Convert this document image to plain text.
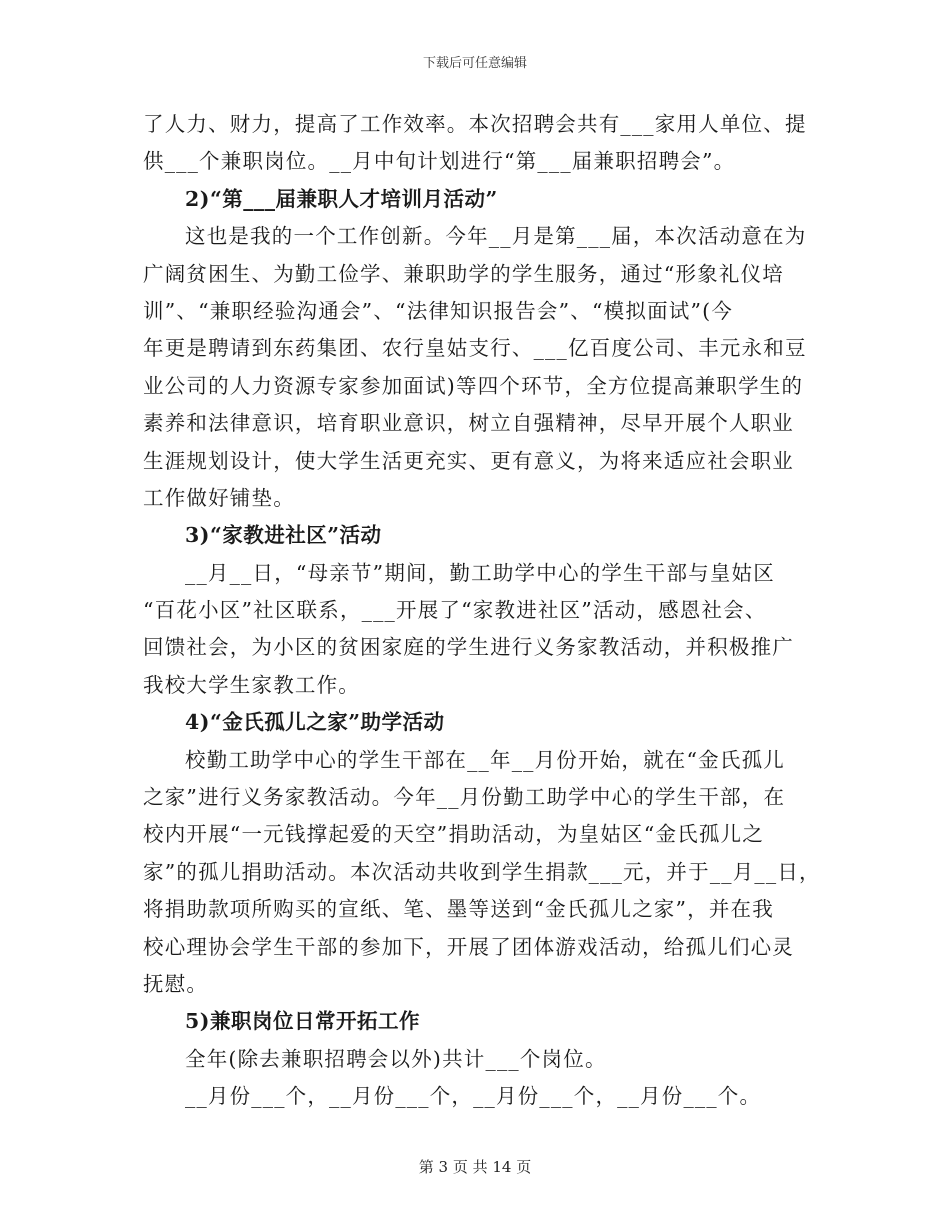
下载后可任意编辑
了人力、财力，提高了工作效率。本次招聘会共有___家用人单位、提
供___个兼职岗位。__月中旬计划进行“第___届兼职招聘会”。
2)“第___届兼职人才培训月活动”
这也是我的一个工作创新。今年__月是第___届，本次活动意在为
广阔贫困生、为勤工俭学、兼职助学的学生服务，通过“形象礼仪培
训”、“兼职经验沟通会”、“法律知识报告会”、“模拟面试”(今
年更是聘请到东药集团、农行皇姑支行、___亿百度公司、丰元永和豆
业公司的人力资源专家参加面试)等四个环节，全方位提高兼职学生的
素养和法律意识，培育职业意识，树立自强精神，尽早开展个人职业
生涯规划设计，使大学生活更充实、更有意义，为将来适应社会职业
工作做好铺垫。
3)“家教进社区”活动
__月__日，“母亲节”期间，勤工助学中心的学生干部与皇姑区
“百花小区”社区联系，___开展了“家教进社区”活动，感恩社会、
回馈社会，为小区的贫困家庭的学生进行义务家教活动，并积极推广
我校大学生家教工作。
4)“金氏孤儿之家”助学活动
校勤工助学中心的学生干部在__年__月份开始，就在“金氏孤儿
之家”进行义务家教活动。今年__月份勤工助学中心的学生干部，在
校内开展“一元钱撑起爱的天空”捐助活动，为皇姑区“金氏孤儿之
家”的孤儿捐助活动。本次活动共收到学生捐款___元，并于__月__日，
将捐助款项所购买的宣纸、笔、墨等送到“金氏孤儿之家”，并在我
校心理协会学生干部的参加下，开展了团体游戏活动，给孤儿们心灵
抚慰。
5)兼职岗位日常开拓工作
全年(除去兼职招聘会以外)共计___个岗位。
__月份___个，__月份___个，__月份___个，__月份___个。
第 3 页 共 14 页
